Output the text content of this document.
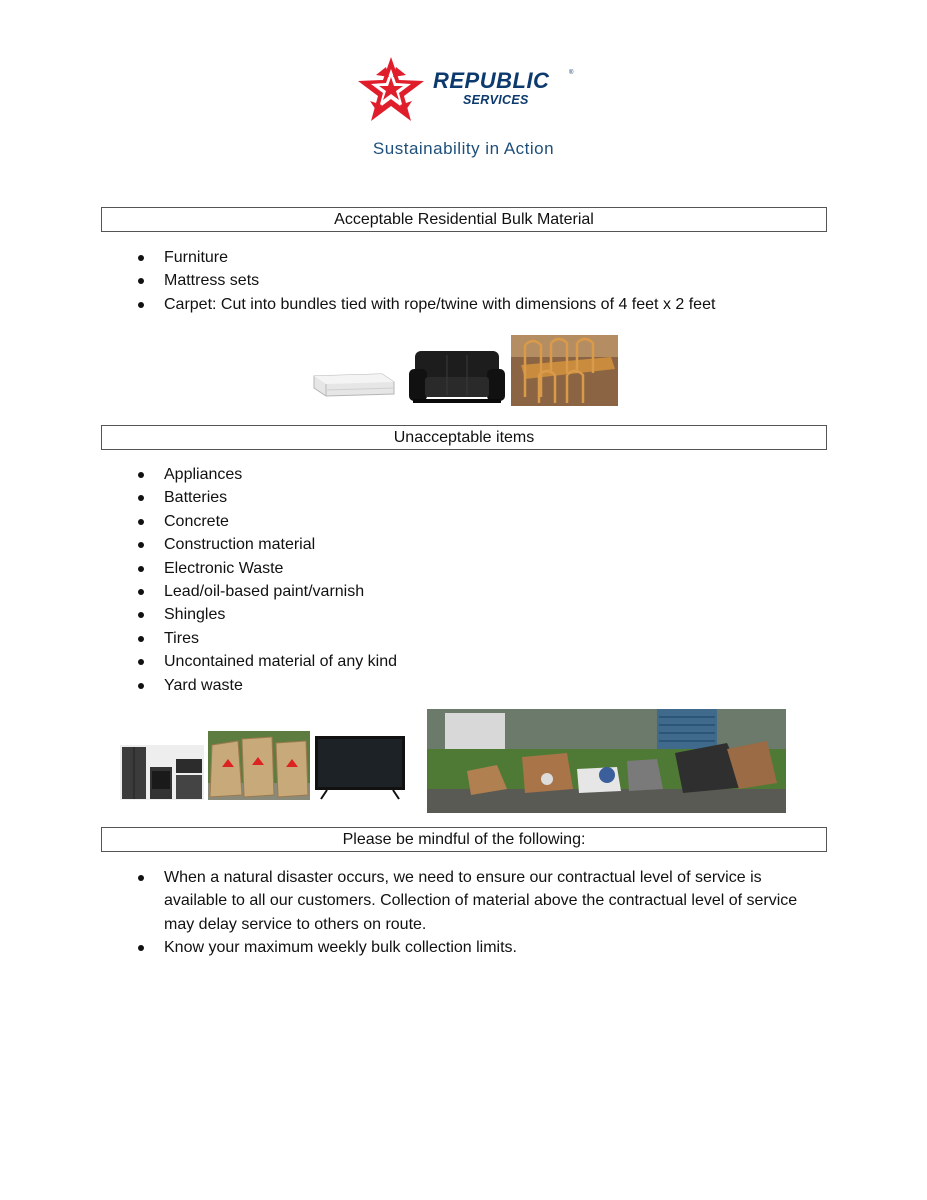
REPUBLIC	®
SERVICES
Sustainability in Action
Acceptable Residential Bulk Material
Furniture
Mattress sets
Carpet: Cut into bundles tied with rope/twine with dimensions of 4 feet x 2 feet
Unacceptable items
Appliances
Batteries
Concrete
Construction material
Electronic Waste
Lead/oil-based paint/varnish
Shingles
Tires
Uncontained material of any kind
Yard waste
Please be mindful of the following:
When a natural disaster occurs, we need to ensure our contractual level of service is available to all our customers. Collection of material above the contractual level of service may delay service to others on route.
Know your maximum weekly bulk collection limits.
